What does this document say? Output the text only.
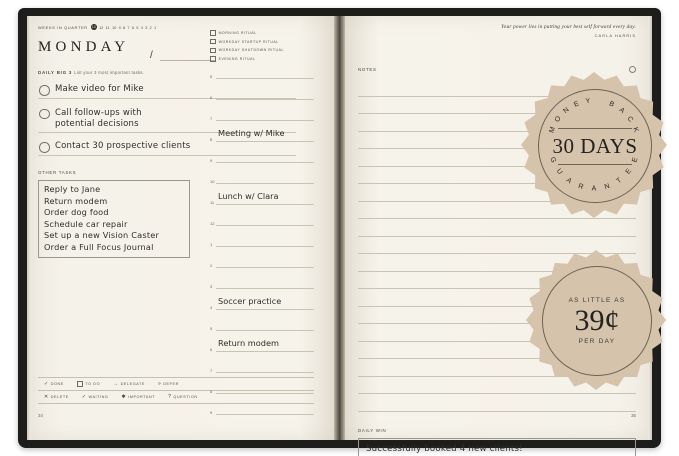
WEEKS IN QUARTER	13 12 11 10 9 8 7 6 5 4 3 2 1
MONDAY
/
DAILY BIG 3 List your 3 most important tasks.
Make video for Mike
Call follow-ups with
potential decisions
Contact 30 prospective clients
OTHER TASKS
Reply to Jane
Return modem
Order dog food
Schedule car repair
Set up a new Vision Caster
Order a Full Focus Journal
✓ DONE	TO DO	→ DELEGATE	» DEFER
✕ DELETE	✓ WAITING	✱ IMPORTANT	? QUESTION
34
MORNING RITUAL
WORKDAY STARTUP RITUAL
WORKDAY SHUTDOWN RITUAL
EVENING RITUAL
5
6
7
8
Meeting w/ Mike
9
10
11
Lunch w/ Clara
12
1
2
3
4
Soccer practice
5
6
Return modem
7
8
9
Your power lies in putting your best self forward every day.
CARLA HARRIS
NOTES
DAILY WIN
Successfully booked 4 new clients!
35
M
O
N
E Y B
A
C
K
G
U
A
R A N
T
E
E
30 DAYS
AS LITTLE AS
39¢
PER DAY
